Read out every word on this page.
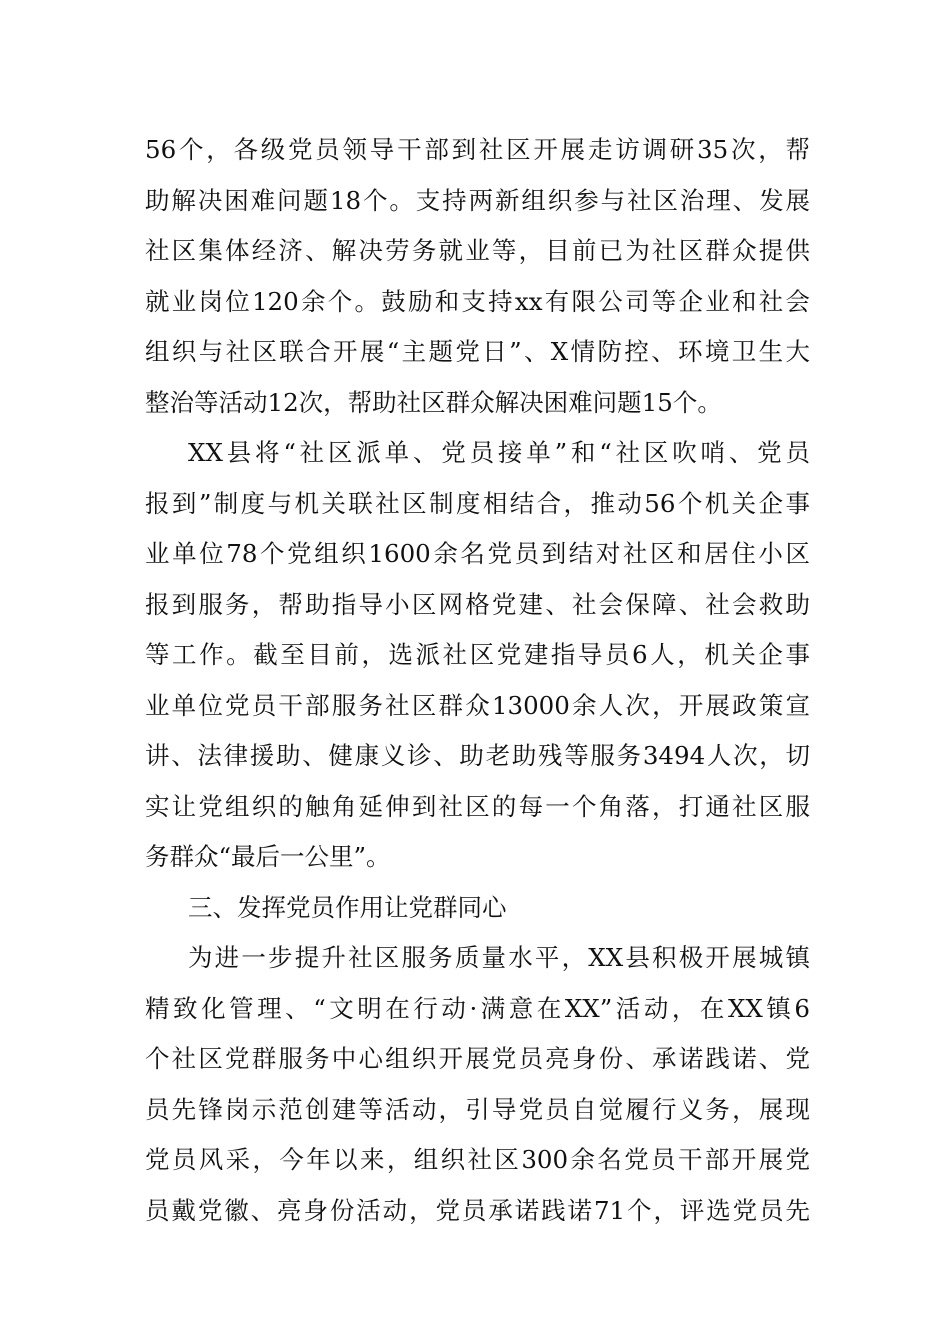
56个，各级党员领导干部到社区开展走访调研35次，帮
助解决困难问题18个。支持两新组织参与社区治理、发展
社区集体经济、解决劳务就业等，目前已为社区群众提供
就业岗位120余个。鼓励和支持xx有限公司等企业和社会
组织与社区联合开展“主题党日”、X情防控、环境卫生大
整治等活动12次，帮助社区群众解决困难问题15个。
XX县将“社区派单、党员接单”和“社区吹哨、党员
报到”制度与机关联社区制度相结合，推动56个机关企事
业单位78个党组织1600余名党员到结对社区和居住小区
报到服务，帮助指导小区网格党建、社会保障、社会救助
等工作。截至目前，选派社区党建指导员6人，机关企事
业单位党员干部服务社区群众13000余人次，开展政策宣
讲、法律援助、健康义诊、助老助残等服务3494人次，切
实让党组织的触角延伸到社区的每一个角落，打通社区服
务群众“最后一公里”。
三、发挥党员作用让党群同心
为进一步提升社区服务质量水平，XX县积极开展城镇
精致化管理、“文明在行动·满意在XX”活动，在XX镇6
个社区党群服务中心组织开展党员亮身份、承诺践诺、党
员先锋岗示范创建等活动，引导党员自觉履行义务，展现
党员风采，今年以来，组织社区300余名党员干部开展党
员戴党徽、亮身份活动，党员承诺践诺71个，评选党员先
